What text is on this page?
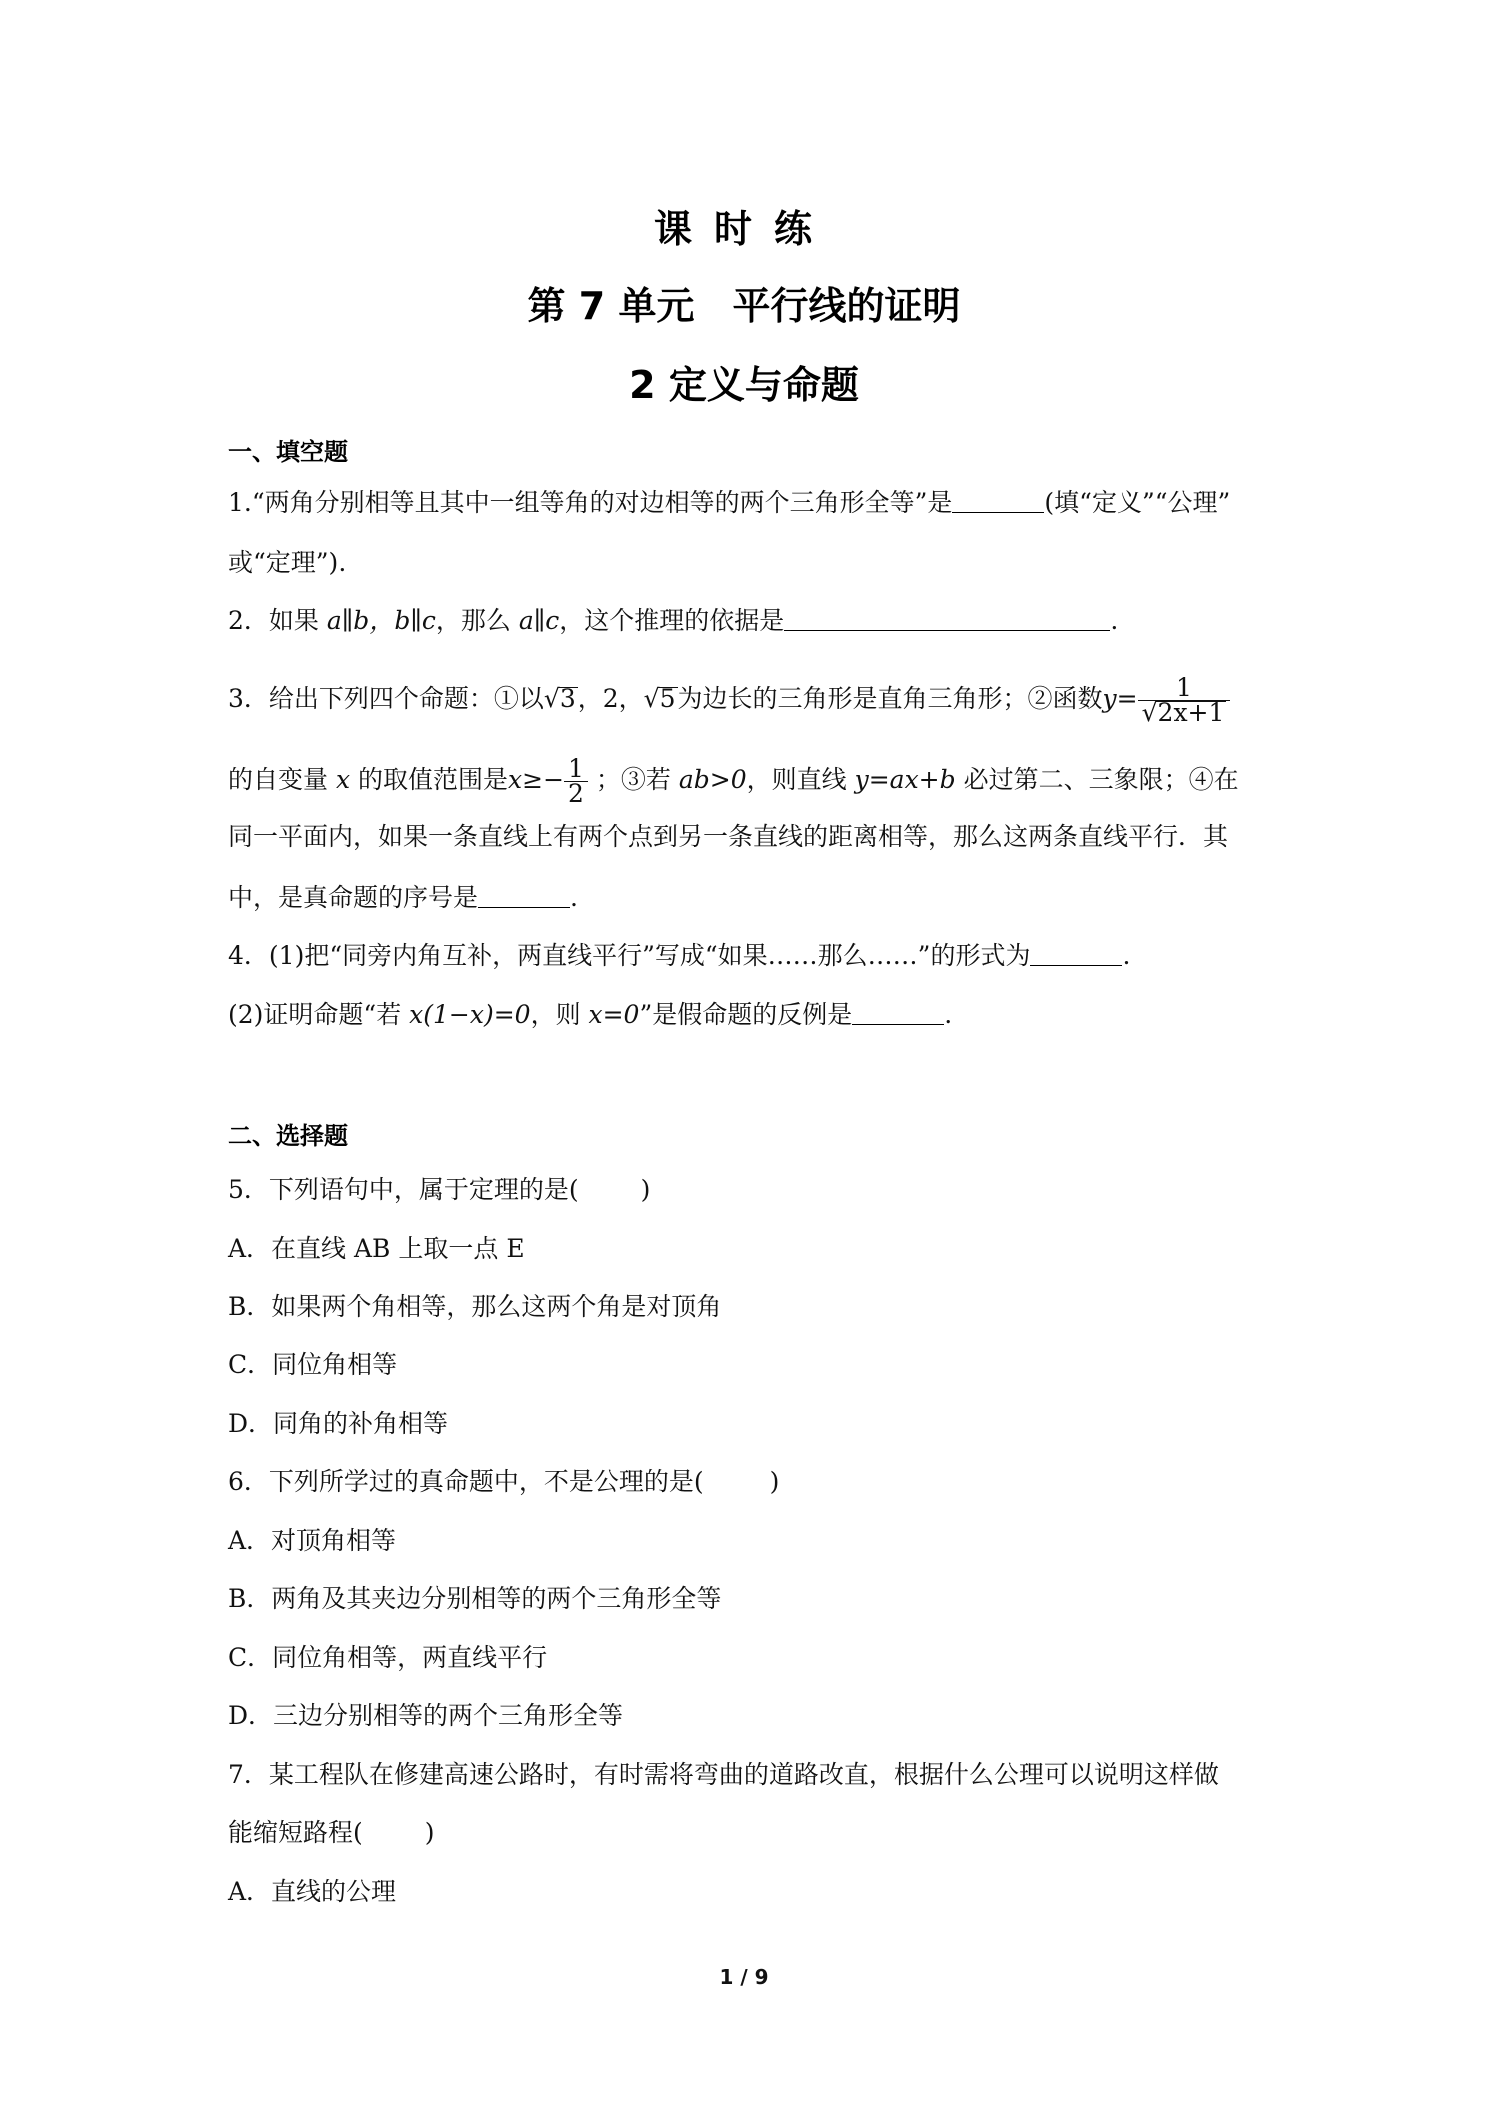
课时练
第 7 单元　平行线的证明
2 定义与命题
一、填空题
1.“两角分别相等且其中一组等角的对边相等的两个三角形全等”是	(填“定义”“公理”
或“定理”).
2．如果 a∥b，b∥c，那么 a∥c，这个推理的依据是	.
3．给出下列四个命题：①以√3，2，√5为边长的三角形是直角三角形；②函数$y= \frac{1}{√2x+1}$
的自变量 x 的取值范围是$x\ge- \frac{1}{2}$ ；③若 ab>0，则直线 y=ax+b 必过第二、三象限；④在
同一平面内，如果一条直线上有两个点到另一条直线的距离相等，那么这两条直线平行．其
中，是真命题的序号是	.
4．(1)把“同旁内角互补，两直线平行”写成“如果……那么……”的形式为	.
(2)证明命题“若 x(1−x)=0，则 x=0”是假命题的反例是	.
二、选择题
5．下列语句中，属于定理的是( )
A．在直线 AB 上取一点 E
B．如果两个角相等，那么这两个角是对顶角
C．同位角相等
D．同角的补角相等
6．下列所学过的真命题中，不是公理的是(	)
A．对顶角相等
B．两角及其夹边分别相等的两个三角形全等
C．同位角相等，两直线平行
D．三边分别相等的两个三角形全等
7．某工程队在修建高速公路时，有时需将弯曲的道路改直，根据什么公理可以说明这样做
能缩短路程( )
A．直线的公理
1 / 9
